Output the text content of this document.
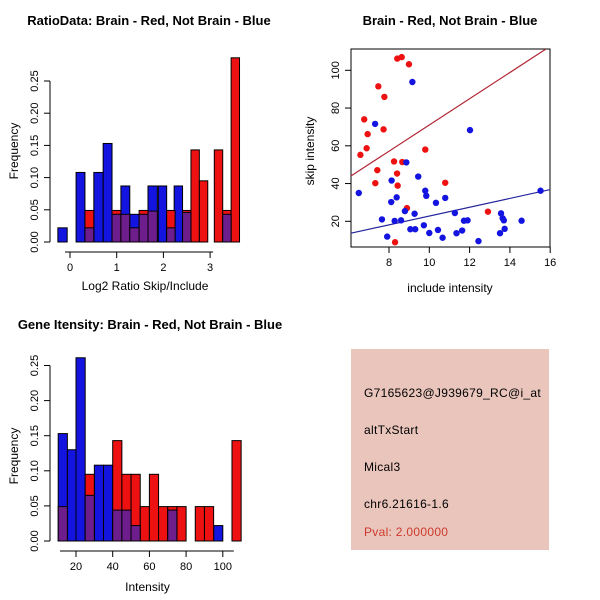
RatioData: Brain - Red, Not Brain - Blue
0.00
0.05
0.10
0.15
0.20
0.25
0	1	2	3
Log2 Ratio Skip/Include
Frequency
Brain - Red, Not Brain - Blue
8	10	12	14	16
20
40
60
80
100
include intensity
skip intensity
Gene Itensity: Brain - Red, Not Brain - Blue
0.00
0.05
0.10
0.15
0.20
0.25
20 40 60 80 100
Intensity
Frequency
G7165623@J939679_RC@i_at
altTxStart
Mical3
chr6.21616-1.6
Pval: 2.000000
